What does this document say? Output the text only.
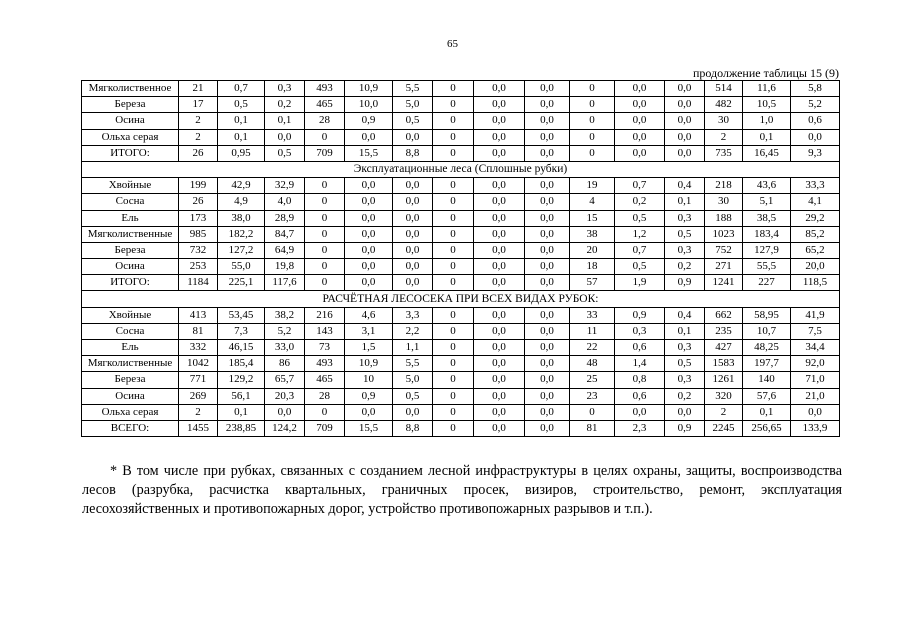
65
продолжение таблицы 15 (9)
Мягколиственное	21	0,7	0,3	493	10,9	5,5	0	0,0	0,0	0	0,0	0,0	514	11,6	5,8
Береза	17	0,5	0,2	465	10,0	5,0	0	0,0	0,0	0	0,0	0,0	482	10,5	5,2
Осина	2	0,1	0,1	28	0,9	0,5	0	0,0	0,0	0	0,0	0,0	30	1,0	0,6
Ольха серая	2	0,1	0,0	0	0,0	0,0	0	0,0	0,0	0	0,0	0,0	2	0,1	0,0
ИТОГО:	26	0,95	0,5	709	15,5	8,8	0	0,0	0,0	0	0,0	0,0	735	16,45	9,3
Эксплуатационные леса (Сплошные рубки)															
Хвойные	199	42,9	32,9	0	0,0	0,0	0	0,0	0,0	19	0,7	0,4	218	43,6	33,3
Сосна	26	4,9	4,0	0	0,0	0,0	0	0,0	0,0	4	0,2	0,1	30	5,1	4,1
Ель	173	38,0	28,9	0	0,0	0,0	0	0,0	0,0	15	0,5	0,3	188	38,5	29,2
Мягколиственные	985	182,2	84,7	0	0,0	0,0	0	0,0	0,0	38	1,2	0,5	1023	183,4	85,2
Береза	732	127,2	64,9	0	0,0	0,0	0	0,0	0,0	20	0,7	0,3	752	127,9	65,2
Осина	253	55,0	19,8	0	0,0	0,0	0	0,0	0,0	18	0,5	0,2	271	55,5	20,0
ИТОГО:	1184	225,1	117,6	0	0,0	0,0	0	0,0	0,0	57	1,9	0,9	1241	227	118,5
РАСЧЁТНАЯ ЛЕСОСЕКА ПРИ ВСЕХ ВИДАХ РУБОК:															
Хвойные	413	53,45	38,2	216	4,6	3,3	0	0,0	0,0	33	0,9	0,4	662	58,95	41,9
Сосна	81	7,3	5,2	143	3,1	2,2	0	0,0	0,0	11	0,3	0,1	235	10,7	7,5
Ель	332	46,15	33,0	73	1,5	1,1	0	0,0	0,0	22	0,6	0,3	427	48,25	34,4
Мягколиственные	1042	185,4	86	493	10,9	5,5	0	0,0	0,0	48	1,4	0,5	1583	197,7	92,0
Береза	771	129,2	65,7	465	10	5,0	0	0,0	0,0	25	0,8	0,3	1261	140	71,0
Осина	269	56,1	20,3	28	0,9	0,5	0	0,0	0,0	23	0,6	0,2	320	57,6	21,0
Ольха серая	2	0,1	0,0	0	0,0	0,0	0	0,0	0,0	0	0,0	0,0	2	0,1	0,0
ВСЕГО:	1455	238,85	124,2	709	15,5	8,8	0	0,0	0,0	81	2,3	0,9	2245	256,65	133,9
* В том числе при рубках, связанных с созданием лесной инфраструктуры в целях охраны, защиты, воспроизводства лесов (разрубка, расчистка квартальных, граничных просек, визиров, строительство, ремонт, эксплуатация лесохозяйственных и противопожарных дорог, устройство противопожарных разрывов и т.п.).
